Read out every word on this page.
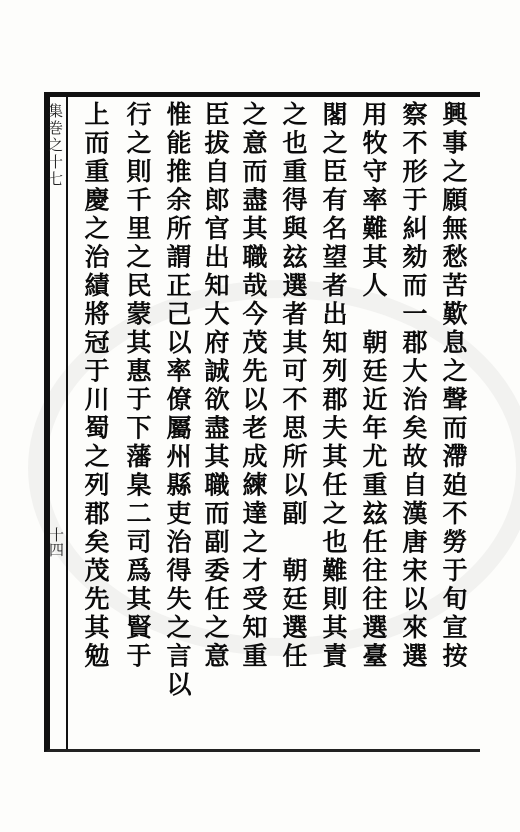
集巻之十七
十四	興事之願無愁苦歎息之聲而滯廹不勞于旬宣按
察不形于糾劾而一郡大治矣故自漢唐宋以來選
用牧守率難其人　朝廷近年尤重玆任往往選臺
閣之臣有名望者出知列郡夫其任之也難則其責
之也重得與玆選者其可不思所以副　朝廷選任
之意而盡其職哉今茂先以老成練達之才受知重
臣拔自郎官出知大府誠欲盡其職而副委任之意
惟能推余所謂正己以率僚屬州縣吏治得失之言以
行之則千里之民蒙其惠于下藩臬二司爲其賢于
上而重慶之治績將冠于川蜀之列郡矣茂先其勉
